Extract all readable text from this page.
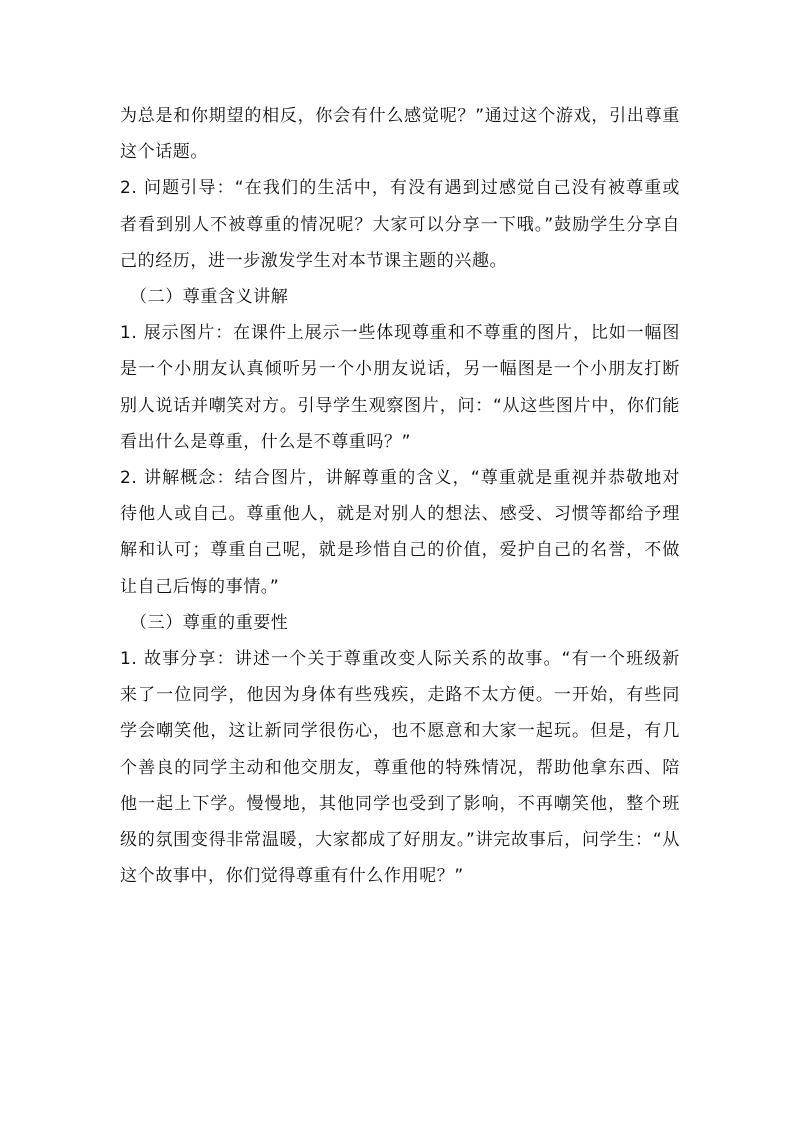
为总是和你期望的相反，你会有什么感觉呢？”通过这个游戏，引出尊重这个话题。

2. 问题引导：“在我们的生活中，有没有遇到过感觉自己没有被尊重或者看到别人不被尊重的情况呢？大家可以分享一下哦。”鼓励学生分享自己的经历，进一步激发学生对本节课主题的兴趣。

（二）尊重含义讲解

1. 展示图片：在课件上展示一些体现尊重和不尊重的图片，比如一幅图是一个小朋友认真倾听另一个小朋友说话，另一幅图是一个小朋友打断别人说话并嘲笑对方。引导学生观察图片，问：“从这些图片中，你们能看出什么是尊重，什么是不尊重吗？”

2. 讲解概念：结合图片，讲解尊重的含义，“尊重就是重视并恭敬地对待他人或自己。尊重他人，就是对别人的想法、感受、习惯等都给予理解和认可；尊重自己呢，就是珍惜自己的价值，爱护自己的名誉，不做让自己后悔的事情。”

（三）尊重的重要性

1. 故事分享：讲述一个关于尊重改变人际关系的故事。“有一个班级新来了一位同学，他因为身体有些残疾，走路不太方便。一开始，有些同学会嘲笑他，这让新同学很伤心，也不愿意和大家一起玩。但是，有几个善良的同学主动和他交朋友，尊重他的特殊情况，帮助他拿东西、陪他一起上下学。慢慢地，其他同学也受到了影响，不再嘲笑他，整个班级的氛围变得非常温暖，大家都成了好朋友。”讲完故事后，问学生：“从这个故事中，你们觉得尊重有什么作用呢？”
